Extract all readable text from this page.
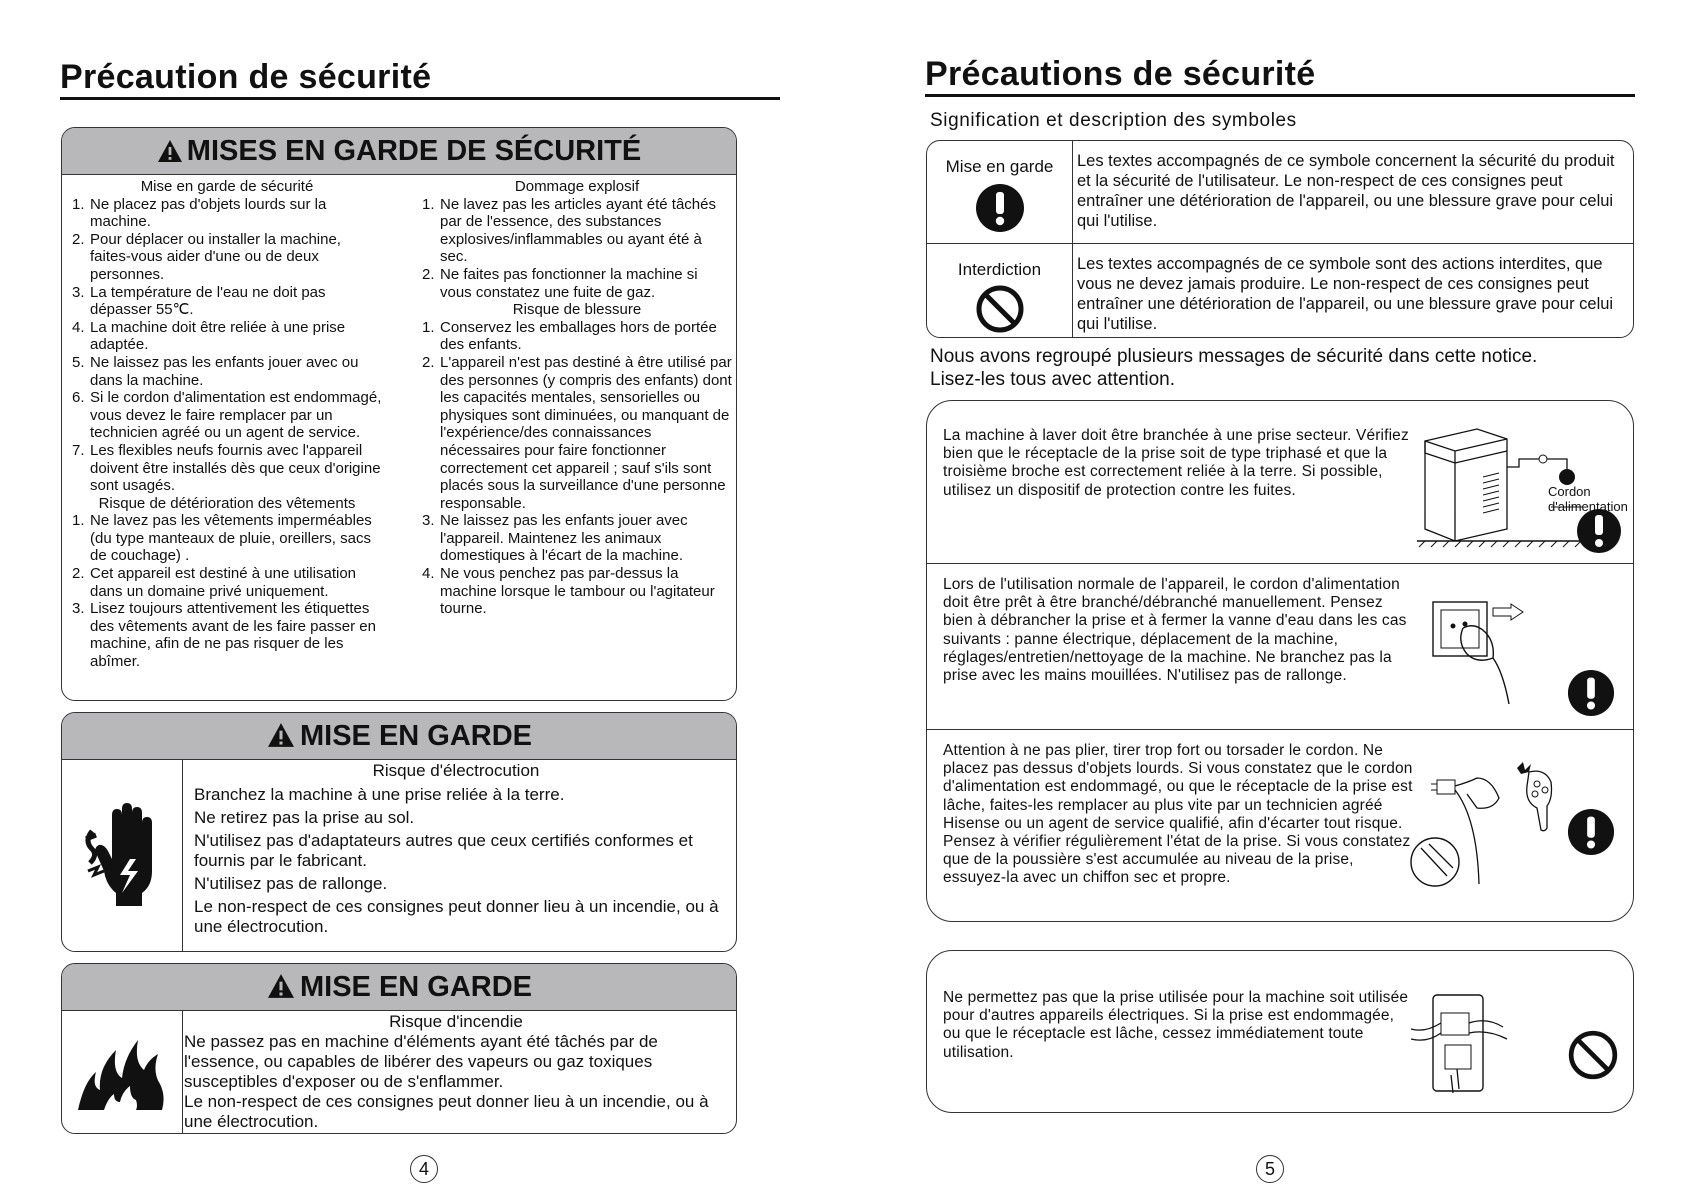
Précaution de sécurité
MISES EN GARDE DE SÉCURITÉ
Mise en garde de sécurité
1. Ne placez pas d'objets lourds sur la machine.
2. Pour déplacer ou installer la machine, faites-vous aider d'une ou de deux personnes.
3. La température de l'eau ne doit pas dépasser 55℃.
4. La machine doit être reliée à une prise adaptée.
5. Ne laissez pas les enfants jouer avec ou dans la machine.
6. Si le cordon d'alimentation est endommagé, vous devez le faire remplacer par un technicien agréé ou un agent de service.
7. Les flexibles neufs fournis avec l'appareil doivent être installés dès que ceux d'origine sont usagés.
Risque de détérioration des vêtements
1. Ne lavez pas les vêtements imperméables (du type manteaux de pluie, oreillers, sacs de couchage) .
2. Cet appareil est destiné à une utilisation dans un domaine privé uniquement.
3. Lisez toujours attentivement les étiquettes des vêtements avant de les faire passer en machine, afin de ne pas risquer de les abîmer.
Dommage explosif
1. Ne lavez pas les articles ayant été tâchés par de l'essence, des substances explosives/inflammables ou ayant été à sec.
2. Ne faites pas fonctionner la machine si vous constatez une fuite de gaz.
Risque de blessure
1. Conservez les emballages hors de portée des enfants.
2. L'appareil n'est pas destiné à être utilisé par des personnes (y compris des enfants) dont les capacités mentales, sensorielles ou physiques sont diminuées, ou manquant de l'expérience/des connaissances nécessaires pour faire fonctionner correctement cet appareil ; sauf s'ils sont placés sous la surveillance d'une personne responsable.
3. Ne laissez pas les enfants jouer avec l'appareil. Maintenez les animaux domestiques à l'écart de la machine.
4. Ne vous penchez pas par-dessus la machine lorsque le tambour ou l'agitateur tourne.
MISE EN GARDE
Risque d'électrocution
Branchez la machine à une prise reliée à la terre.
Ne retirez pas la prise au sol.
N'utilisez pas d'adaptateurs autres que ceux certifiés conformes et fournis par le fabricant.
N'utilisez pas de rallonge.
Le non-respect de ces consignes peut donner lieu à un incendie, ou à une électrocution.
MISE EN GARDE
Risque d'incendie
Ne passez pas en machine d'éléments ayant été tâchés par de l'essence, ou capables de libérer des vapeurs ou gaz toxiques susceptibles d'exposer ou de s'enflammer.
Le non-respect de ces consignes peut donner lieu à un incendie, ou à une électrocution.
4
Précautions de sécurité
Signification et description des symboles
Mise en garde	Les textes accompagnés de ce symbole concernent la sécurité du produit et la sécurité de l'utilisateur. Le non-respect de ces consignes peut entraîner une détérioration de l'appareil, ou une blessure grave pour celui qui l'utilise.
Interdiction	Les textes accompagnés de ce symbole sont des actions interdites, que vous ne devez jamais produire. Le non-respect de ces consignes peut entraîner une détérioration de l'appareil, ou une blessure grave pour celui qui l'utilise.
Nous avons regroupé plusieurs messages de sécurité dans cette notice. Lisez-les tous avec attention.
La machine à laver doit être branchée à une prise secteur. Vérifiez bien que le réceptacle de la prise soit de type triphasé et que la troisième broche est correctement reliée à la terre. Si possible, utilisez un dispositif de protection contre les fuites.	Cordon d'alimentation
Lors de l'utilisation normale de l'appareil, le cordon d'alimentation doit être prêt à être branché/débranché manuellement. Pensez bien à débrancher la prise et à fermer la vanne d'eau dans les cas suivants : panne électrique, déplacement de la machine, réglages/entretien/nettoyage de la machine. Ne branchez pas la prise avec les mains mouillées. N'utilisez pas de rallonge.
Attention à ne pas plier, tirer trop fort ou torsader le cordon. Ne placez pas dessus d'objets lourds. Si vous constatez que le cordon d'alimentation est endommagé, ou que le réceptacle de la prise est lâche, faites-les remplacer au plus vite par un technicien agréé Hisense ou un agent de service qualifié, afin d'écarter tout risque. Pensez à vérifier régulièrement l'état de la prise. Si vous constatez que de la poussière s'est accumulée au niveau de la prise, essuyez-la avec un chiffon sec et propre.
Ne permettez pas que la prise utilisée pour la machine soit utilisée pour d'autres appareils électriques. Si la prise est endommagée, ou que le réceptacle est lâche, cessez immédiatement toute utilisation.
5
